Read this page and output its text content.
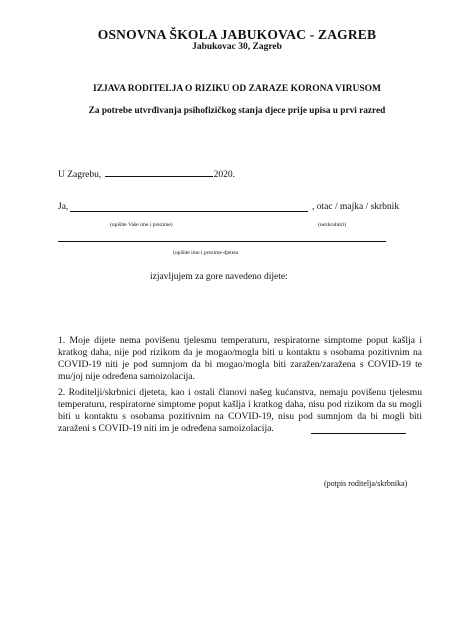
OSNOVNA ŠKOLA JABUKOVAC - ZAGREB
Jabukovac 30, Zagreb
IZJAVA RODITELJA O RIZIKU OD ZARAZE KORONA VIRUSOM
Za potrebe utvrđivanja psihofizičkog stanja djece prije upisa u prvi razred
U Zagrebu,	2020.
Ja,	, otac / majka / skrbnik
(upišite Vaše ime i prezime)	(nezkrubitri)
(upišite ime i prezime djeteta
izjavljujem za gore navedeno dijete:

1. Moje dijete nema povišenu tjelesmu temperaturu, respiratorne simptome poput kašlja i kratkog daha, nije pod rizikom da je mogao/mogla biti u kontaktu s osobama pozitivnim na COVID-19 niti je pod sumnjom da bi mogao/mogla biti zaražen/zaražena s COVID-19 te mu/joj nije određena samoizolacija.

2. Roditelji/skrbnici djeteta, kao i ostali članovi našeg kućanstva, nemaju povišenu tjelesmu temperaturu, respiratorne simptome poput kašlja i kratkog daha, nisu pod rizikom da su mogli biti u kontaktu s osobama pozitivnim na COVID-19, nisu pod sumnjom da bi mogli biti zaraženi s COVID-19 niti im je određena samoizolacija.

(potpis roditelja/skrbnika)
